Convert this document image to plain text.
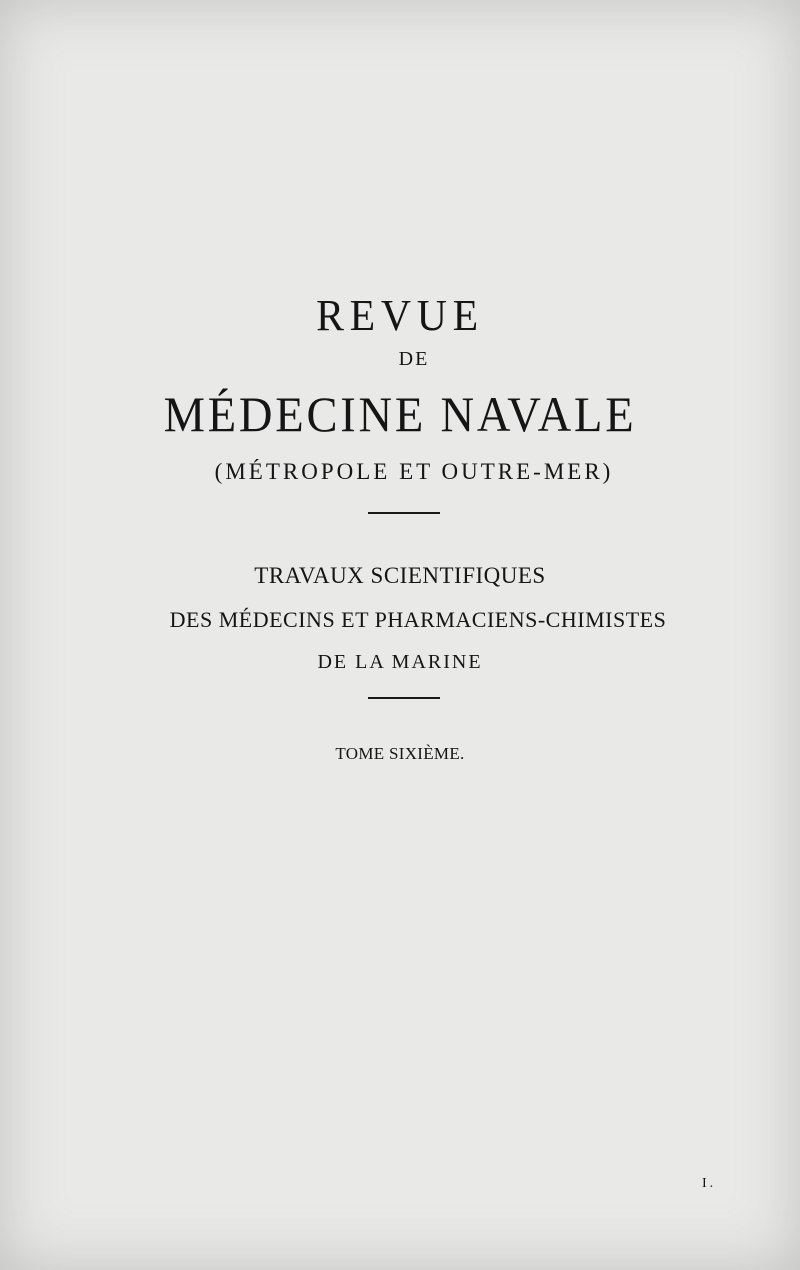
REVUE
DE
MÉDECINE NAVALE
(MÉTROPOLE ET OUTRE-MER)
TRAVAUX SCIENTIFIQUES
DES MÉDECINS ET PHARMACIENS-CHIMISTES
DE LA MARINE
TOME SIXIÈME.
I.
